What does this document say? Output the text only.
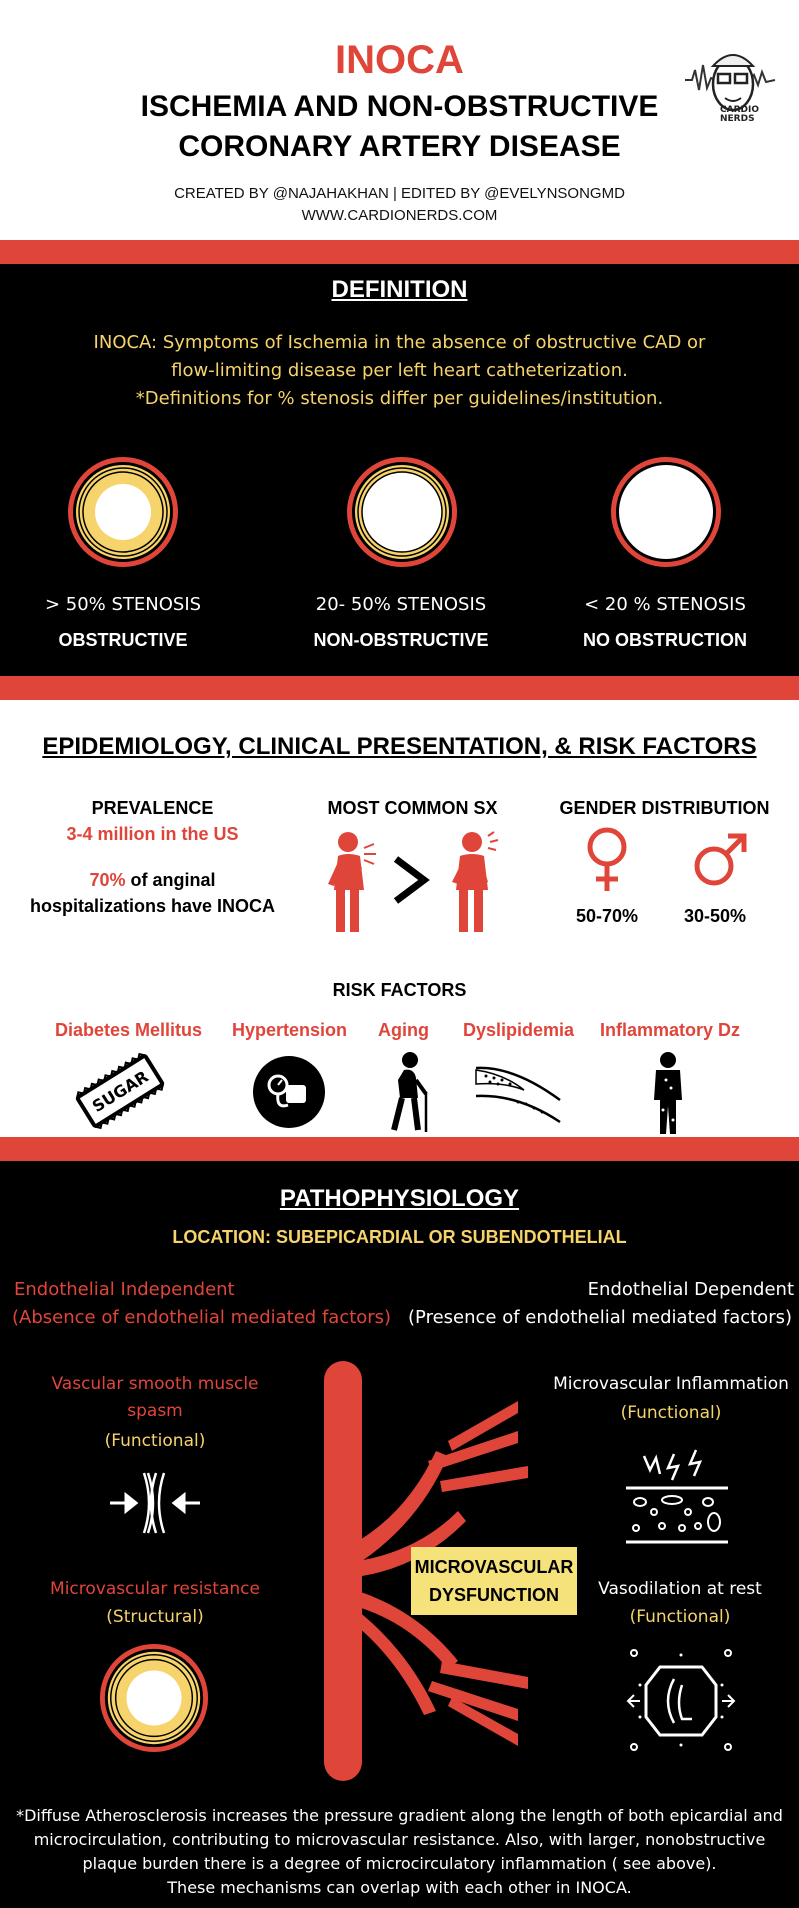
INOCA
ISCHEMIA AND NON-OBSTRUCTIVE
CORONARY ARTERY DISEASE
CREATED BY @NAJAHAKHAN | EDITED BY @EVELYNSONGMD
WWW.CARDIONERDS.COM
CARDIO
NERDS
DEFINITION
INOCA: Symptoms of Ischemia in the absence of obstructive CAD or
flow-limiting disease per left heart catheterization.
*Definitions for % stenosis differ per guidelines/institution.
> 50% STENOSIS
OBSTRUCTIVE
20- 50% STENOSIS
NON-OBSTRUCTIVE
< 20 % STENOSIS
NO OBSTRUCTION
EPIDEMIOLOGY, CLINICAL PRESENTATION, & RISK FACTORS
PREVALENCE
3-4 million in the US
70% of anginal
hospitalizations have INOCA
MOST COMMON SX	GENDER DISTRIBUTION
50-70%	30-50%
RISK FACTORS
Diabetes Mellitus Hypertension Aging Dyslipidemia Inflammatory Dz
SUGAR
PATHOPHYSIOLOGY
LOCATION: SUBEPICARDIAL OR SUBENDOTHELIAL
Endothelial Independent
(Absence of endothelial mediated factors)
Endothelial Dependent
(Presence of endothelial mediated factors)
Vascular smooth muscle
spasm
(Functional)
Microvascular resistance
(Structural)
MICROVASCULAR
DYSFUNCTION
Microvascular Inflammation
(Functional)
Vasodilation at rest
(Functional)
*Diffuse Atherosclerosis increases the pressure gradient along the length of both epicardial and
microcirculation, contributing to microvascular resistance. Also, with larger, nonobstructive
plaque burden there is a degree of microcirculatory inflammation ( see above).
These mechanisms can overlap with each other in INOCA.
